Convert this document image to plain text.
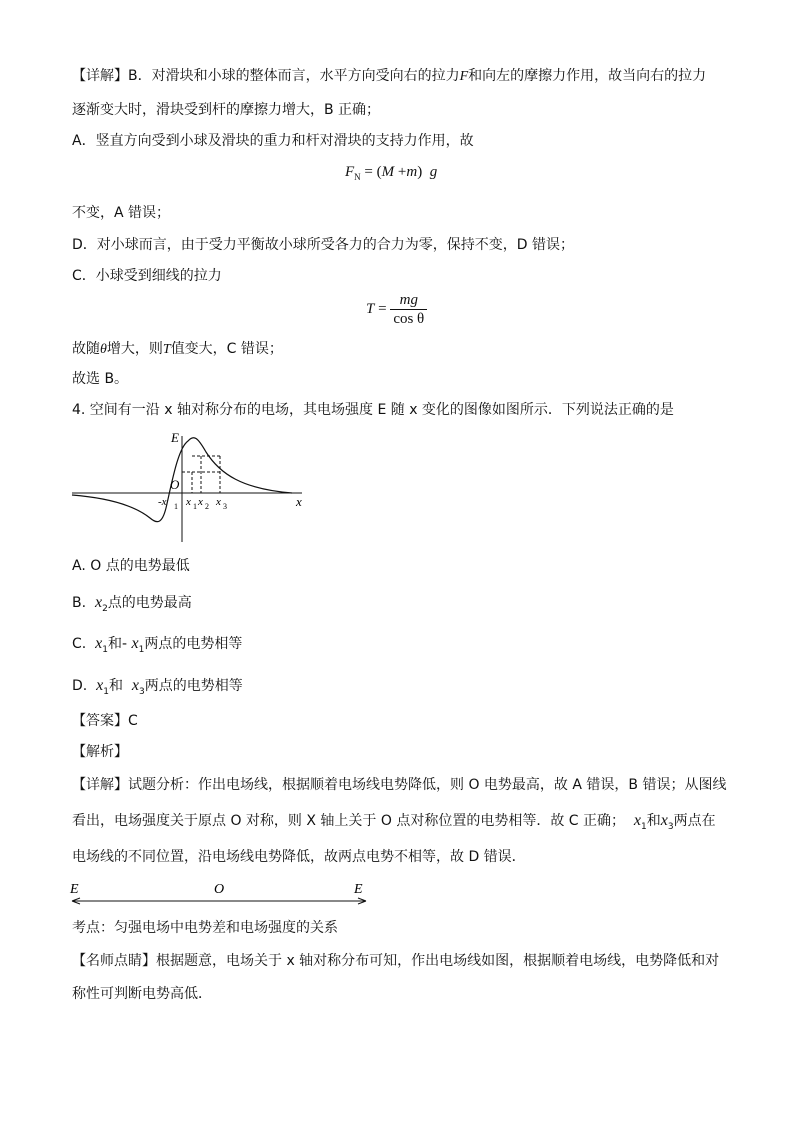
【详解】B．对滑块和小球的整体而言，水平方向受向右的拉力F和向左的摩擦力作用，故当向右的拉力
逐渐变大时，滑块受到杆的摩擦力增大，B 正确；
A．竖直方向受到小球及滑块的重力和杆对滑块的支持力作用，故
$F_N = (M +m)$ g
不变，A 错误；
D．对小球而言，由于受力平衡故小球所受各力的合力为零，保持不变，D 错误；
C．小球受到细线的拉力
$T = \frac{mg}{\text{cos θ}}$
故随θ增大，则T值变大，C 错误；
故选 B。
4. 空间有一沿 x 轴对称分布的电场，其电场强度 E 随 x 变化的图像如图所示．下列说法正确的是
E
O
x
-x 1 x 1 x 2 x 3
A. O 点的电势最低
B. $x_2$点的电势最高
C. $x_1$和- $x_1$两点的电势相等
D. $x_1$和 $x_3$两点的电势相等
【答案】C
【解析】
【详解】试题分析：作出电场线，根据顺着电场线电势降低，则 O 电势最高，故 A 错误，B 错误；从图线
看出，电场强度关于原点 O 对称，则 X 轴上关于 O 点对称位置的电势相等．故 C 正确； $x_1$和$x_3$两点在
电场线的不同位置，沿电场线电势降低，故两点电势不相等，故 D 错误．
E	O	E
考点：匀强电场中电势差和电场强度的关系
【名师点睛】根据题意，电场关于 x 轴对称分布可知，作出电场线如图，根据顺着电场线，电势降低和对
称性可判断电势高低．
